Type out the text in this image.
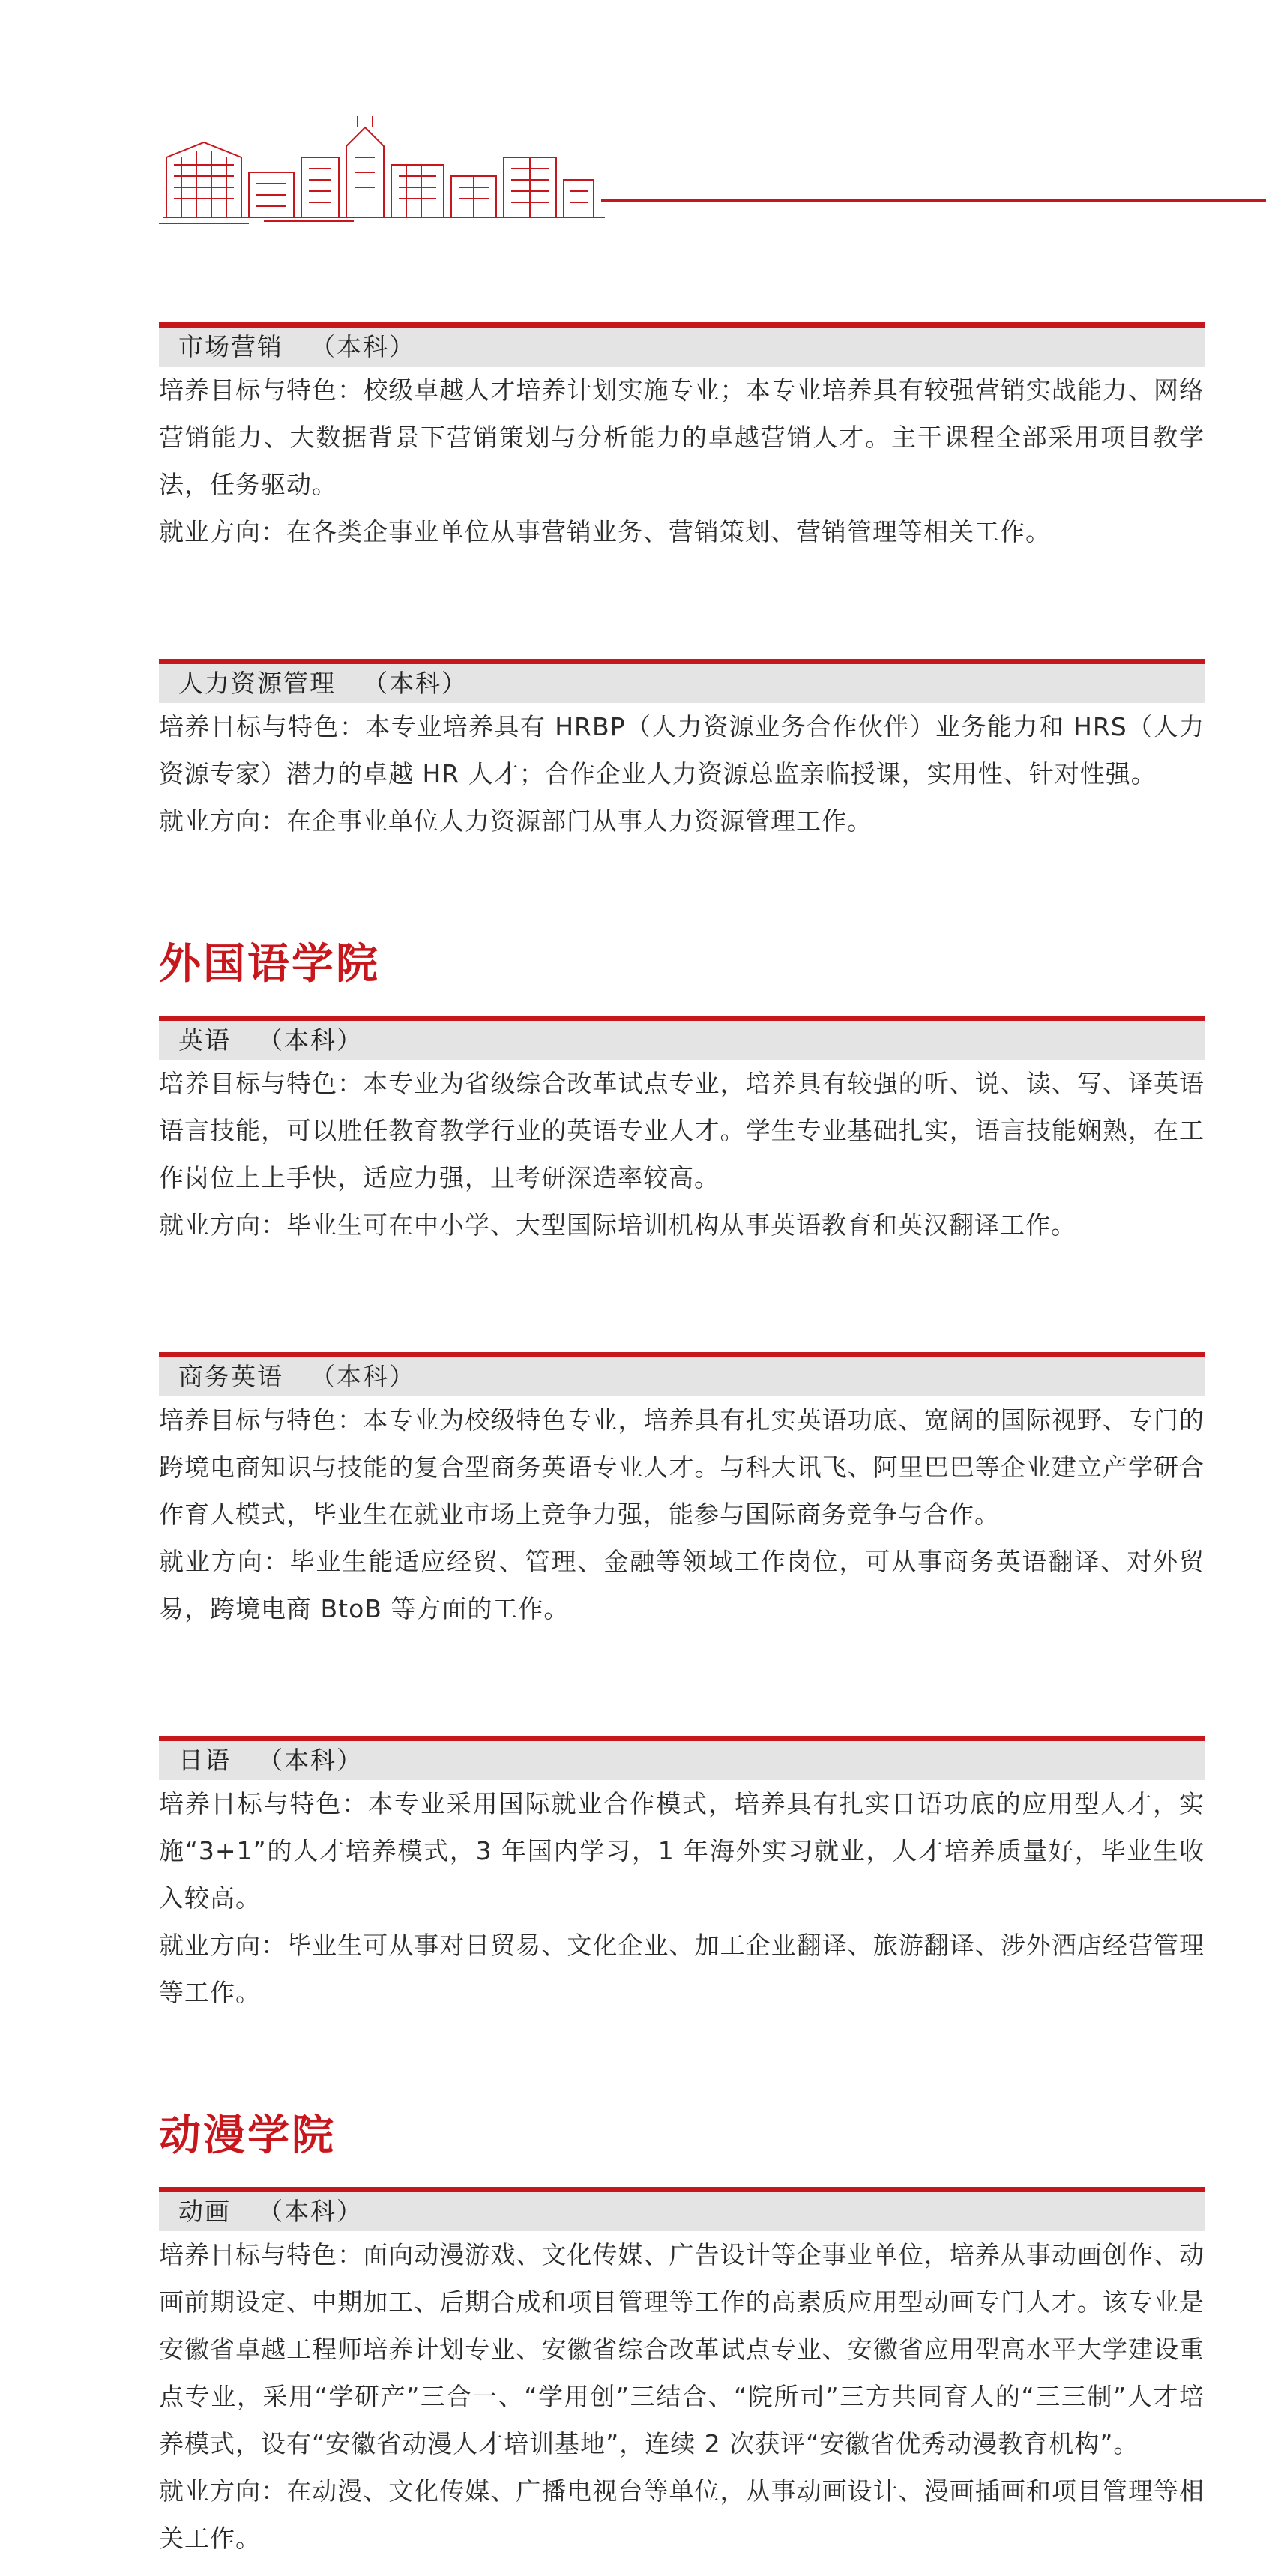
市场营销 （本科）

培养目标与特色：校级卓越人才培养计划实施专业；本专业培养具有较强营销实战能力、网络营销能力、大数据背景下营销策划与分析能力的卓越营销人才。主干课程全部采用项目教学法，任务驱动。

就业方向：在各类企事业单位从事营销业务、营销策划、营销管理等相关工作。

人力资源管理 （本科）

培养目标与特色：本专业培养具有 HRBP（人力资源业务合作伙伴）业务能力和 HRS（人力资源专家）潜力的卓越 HR 人才；合作企业人力资源总监亲临授课，实用性、针对性强。

就业方向：在企事业单位人力资源部门从事人力资源管理工作。

外国语学院
英语 （本科）

培养目标与特色：本专业为省级综合改革试点专业，培养具有较强的听、说、读、写、译英语语言技能，可以胜任教育教学行业的英语专业人才。学生专业基础扎实，语言技能娴熟，在工作岗位上上手快，适应力强，且考研深造率较高。

就业方向：毕业生可在中小学、大型国际培训机构从事英语教育和英汉翻译工作。

商务英语 （本科）

培养目标与特色：本专业为校级特色专业，培养具有扎实英语功底、宽阔的国际视野、专门的跨境电商知识与技能的复合型商务英语专业人才。与科大讯飞、阿里巴巴等企业建立产学研合作育人模式，毕业生在就业市场上竞争力强，能参与国际商务竞争与合作。

就业方向：毕业生能适应经贸、管理、金融等领域工作岗位，可从事商务英语翻译、对外贸易，跨境电商 BtoB 等方面的工作。

日语 （本科）

培养目标与特色：本专业采用国际就业合作模式，培养具有扎实日语功底的应用型人才，实施“3+1”的人才培养模式，3 年国内学习，1 年海外实习就业，人才培养质量好，毕业生收入较高。

就业方向：毕业生可从事对日贸易、文化企业、加工企业翻译、旅游翻译、涉外酒店经营管理等工作。

动漫学院
动画 （本科）

培养目标与特色：面向动漫游戏、文化传媒、广告设计等企事业单位，培养从事动画创作、动画前期设定、中期加工、后期合成和项目管理等工作的高素质应用型动画专门人才。该专业是安徽省卓越工程师培养计划专业、安徽省综合改革试点专业、安徽省应用型高水平大学建设重点专业，采用“学研产”三合一、“学用创”三结合、“院所司”三方共同育人的“三三制”人才培养模式，设有“安徽省动漫人才培训基地”，连续 2 次获评“安徽省优秀动漫教育机构”。

就业方向：在动漫、文化传媒、广播电视台等单位，从事动画设计、漫画插画和项目管理等相关工作。
